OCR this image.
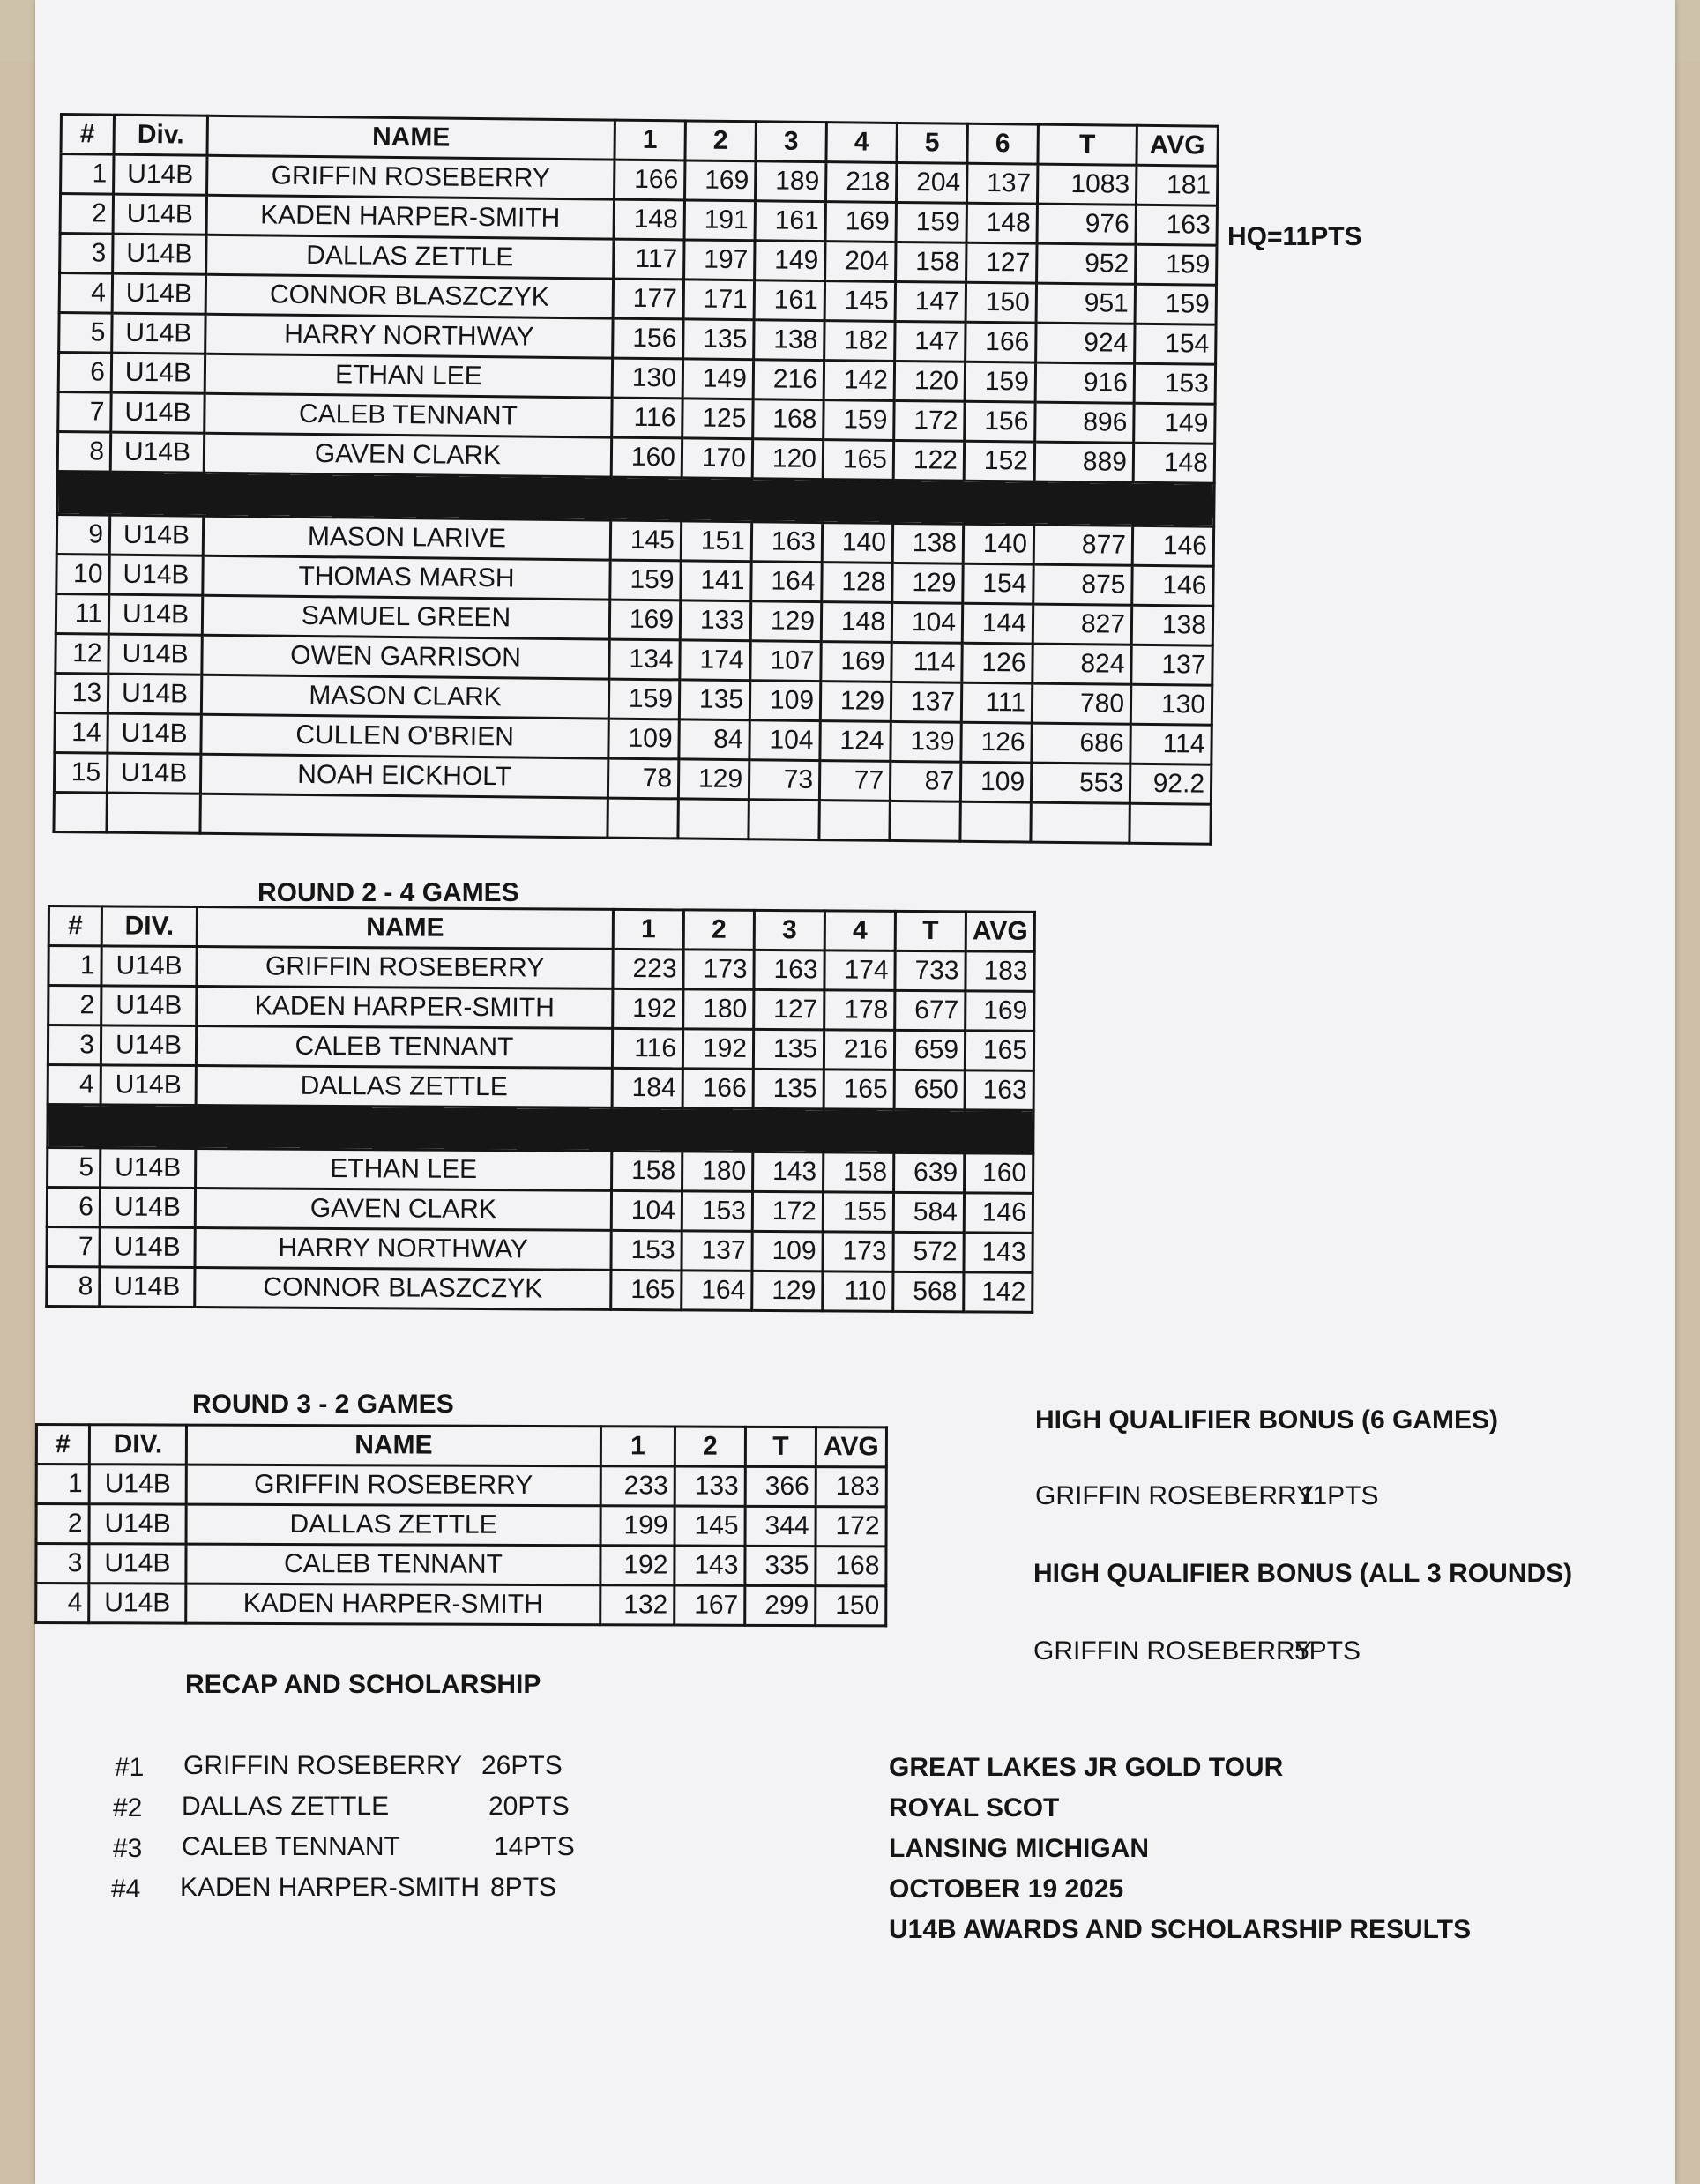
#	Div.	NAME	1	2	3	4	5	6	T	AVG
1	U14B	GRIFFIN ROSEBERRY	166	169	189	218	204	137	1083	181
2	U14B	KADEN HARPER-SMITH	148	191	161	169	159	148	976	163
3	U14B	DALLAS ZETTLE	117	197	149	204	158	127	952	159
4	U14B	CONNOR BLASZCZYK	177	171	161	145	147	150	951	159
5	U14B	HARRY NORTHWAY	156	135	138	182	147	166	924	154
6	U14B	ETHAN LEE	130	149	216	142	120	159	916	153
7	U14B	CALEB TENNANT	116	125	168	159	172	156	896	149
8	U14B	GAVEN CLARK	160	170	120	165	122	152	889	148

9	U14B	MASON LARIVE	145	151	163	140	138	140	877	146
10	U14B	THOMAS MARSH	159	141	164	128	129	154	875	146
11	U14B	SAMUEL GREEN	169	133	129	148	104	144	827	138
12	U14B	OWEN GARRISON	134	174	107	169	114	126	824	137
13	U14B	MASON CLARK	159	135	109	129	137	111	780	130
14	U14B	CULLEN O'BRIEN	109	84	104	124	139	126	686	114
15	U14B	NOAH EICKHOLT	78	129	73	77	87	109	553	92.2

HQ=11PTS
ROUND 2 - 4 GAMES
#	DIV.	NAME	1	2	3	4	T	AVG
1	U14B	GRIFFIN ROSEBERRY	223	173	163	174	733	183
2	U14B	KADEN HARPER-SMITH	192	180	127	178	677	169
3	U14B	CALEB TENNANT	116	192	135	216	659	165
4	U14B	DALLAS ZETTLE	184	166	135	165	650	163

5	U14B	ETHAN LEE	158	180	143	158	639	160
6	U14B	GAVEN CLARK	104	153	172	155	584	146
7	U14B	HARRY NORTHWAY	153	137	109	173	572	143
8	U14B	CONNOR BLASZCZYK	165	164	129	110	568	142
ROUND 3 - 2 GAMES
#	DIV.	NAME	1	2	T	AVG
1	U14B	GRIFFIN ROSEBERRY	233	133	366	183
2	U14B	DALLAS ZETTLE	199	145	344	172
3	U14B	CALEB TENNANT	192	143	335	168
4	U14B	KADEN HARPER-SMITH	132	167	299	150
HIGH QUALIFIER BONUS (6 GAMES)
GRIFFIN ROSEBERRY
11PTS
HIGH QUALIFIER BONUS (ALL 3 ROUNDS)
GRIFFIN ROSEBERRY
5PTS
RECAP AND SCHOLARSHIP
#1 GRIFFIN ROSEBERRY 26PTS
#2 DALLAS ZETTLE	20PTS
#3 CALEB TENNANT	14PTS
#4 KADEN HARPER-SMITH 8PTS
GREAT LAKES JR GOLD TOUR
ROYAL SCOT
LANSING MICHIGAN
OCTOBER 19 2025
U14B AWARDS AND SCHOLARSHIP RESULTS
